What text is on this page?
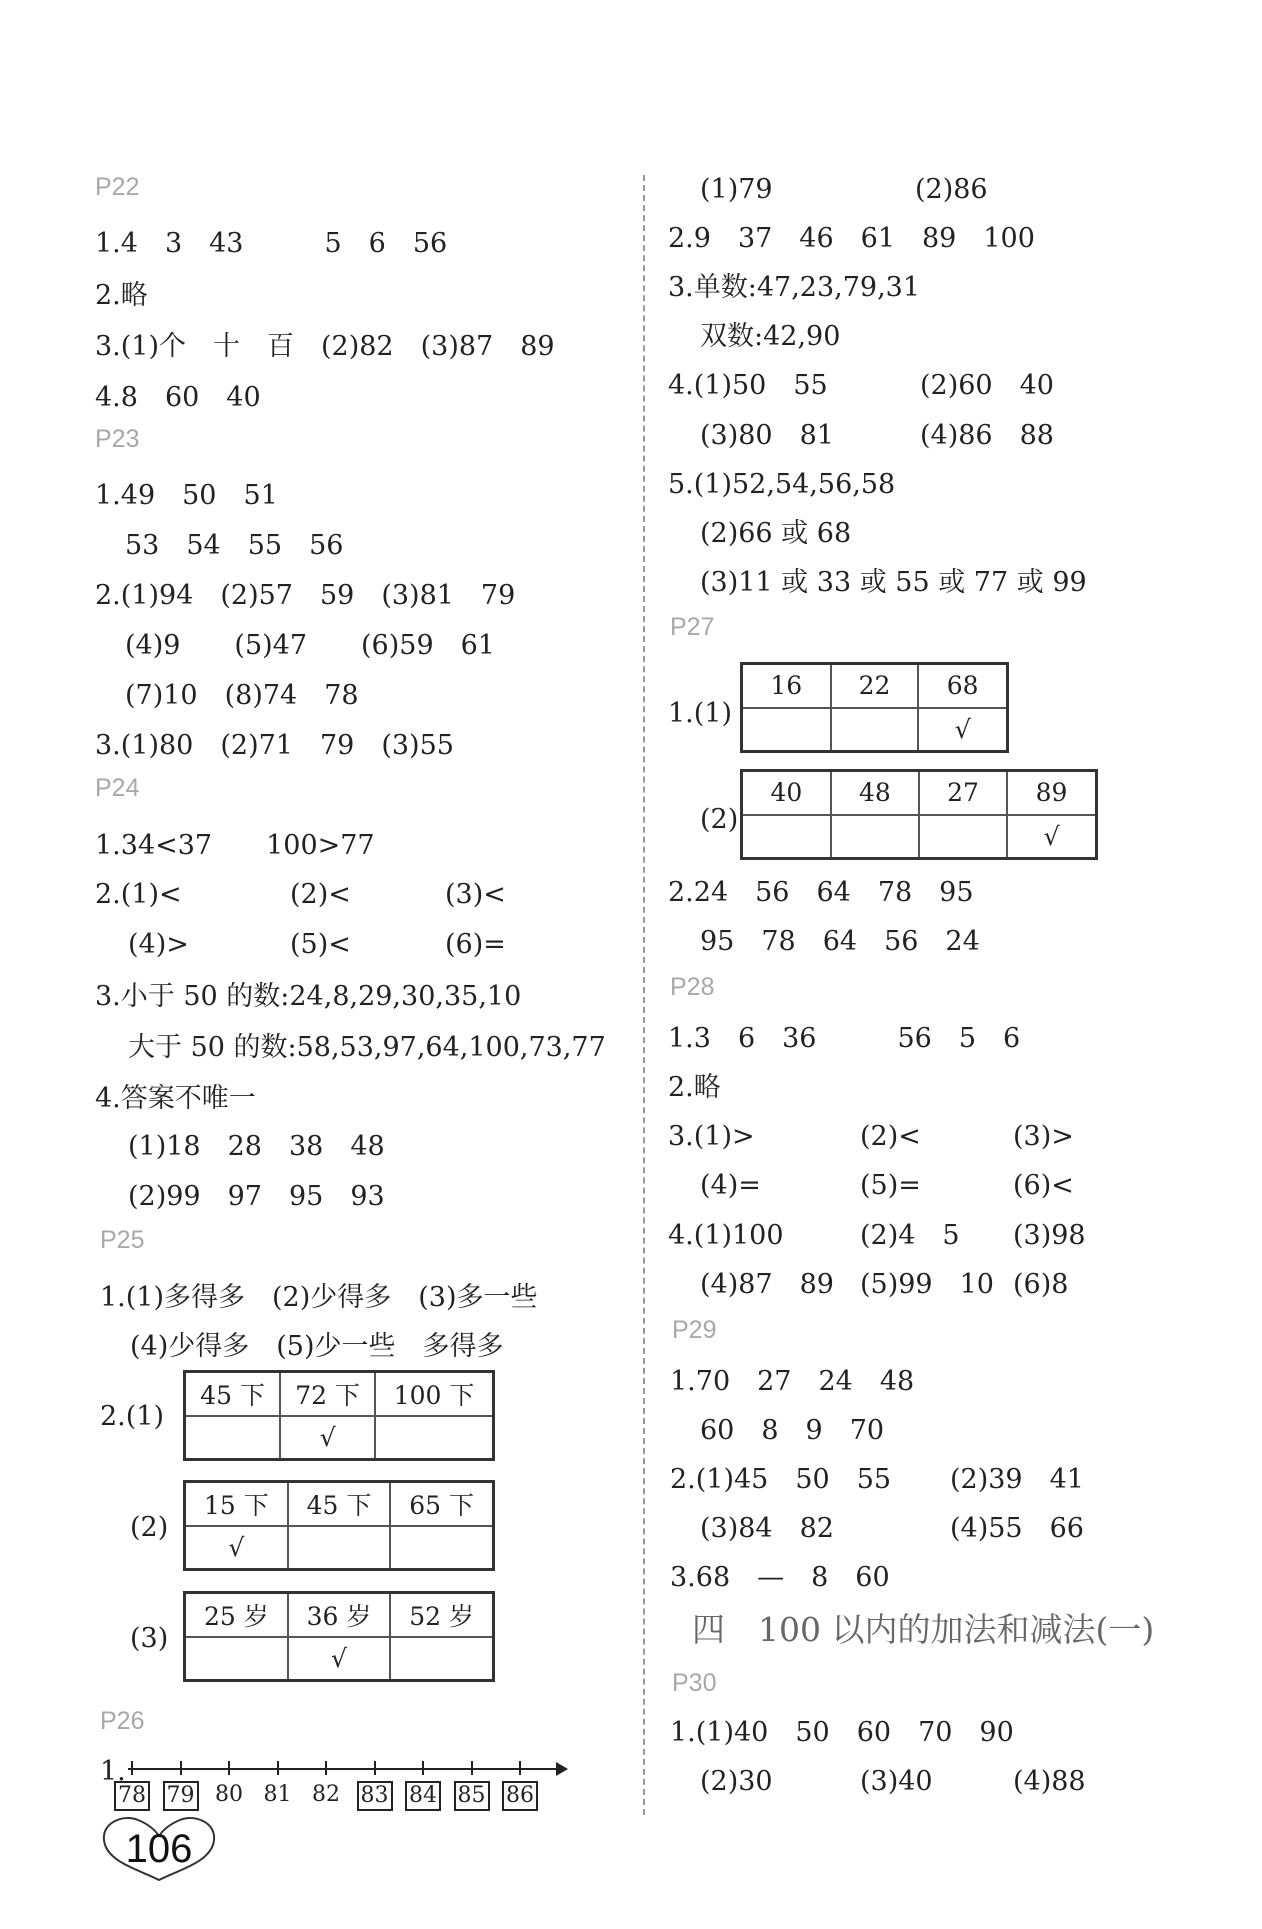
P22
1.4　3　43　　　5　6　56
2.略
3.(1)个　十　百　(2)82　(3)87　89
4.8　60　40
P23
1.49　50　51
53　54　55　56
2.(1)94　(2)57　59　(3)81　79
(4)9　　(5)47　　(6)59　61
(7)10　(8)74　78
3.(1)80　(2)71　79　(3)55
P24
1.34<37　　100>77
2.(1)<	(2)<	(3)<
(4)>	(5)<	(6)=
3.小于 50 的数:24,8,29,30,35,10
大于 50 的数:58,53,97,64,100,73,77
4.答案不唯一
(1)18　28　38　48
(2)99　97　95　93
P25
1.(1)多得多　(2)少得多　(3)多一些
(4)少得多　(5)少一些　多得多
2.(1)
45 下	72 下	100 下
	√	
(2)
15 下	45 下	65 下
√		
(3)
25 岁	36 岁	52 岁
	√	
P26
1.
78 79 80 81 82 83 84 85 86
(1)79	(2)86
2.9　37　46　61　89　100
3.单数:47,23,79,31
双数:42,90
4.(1)50　55	(2)60　40
(3)80　81	(4)86　88
5.(1)52,54,56,58
(2)66 或 68
(3)11 或 33 或 55 或 77 或 99
P27
1.(1)
16	22	68
		√
(2)
40	48	27	89
			√
2.24　56　64　78　95
95　78　64　56　24
P28
1.3　6　36　　　56　5　6
2.略
3.(1)>	(2)<	(3)>
(4)=	(5)=	(6)<
4.(1)100	(2)4　5 (3)98
(4)87　89 (5)99　10 (6)8
P29
1.70　27　24　48
60　8　9　70
2.(1)45　50　55 (2)39　41
(3)84　82	(4)55　66
3.68　—　8　60
四　100 以内的加法和减法(一)
P30
1.(1)40　50　60　70　90
(2)30	(3)40	(4)88
106
